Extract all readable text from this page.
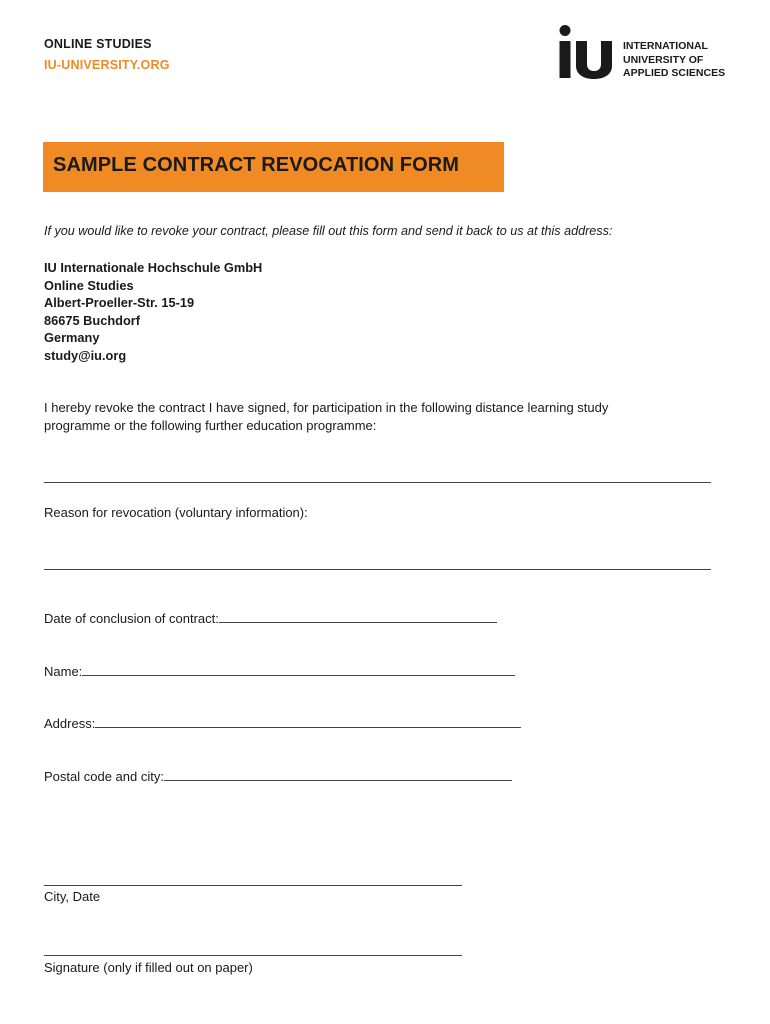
ONLINE STUDIES
IU-UNIVERSITY.ORG
INTERNATIONAL
UNIVERSITY OF
APPLIED SCIENCES
SAMPLE CONTRACT REVOCATION FORM
If you would like to revoke your contract, please fill out this form and send it back to us at this address:
IU Internationale Hochschule GmbH
Online Studies
Albert-Proeller-Str. 15-19
86675 Buchdorf
Germany
study@iu.org
I hereby revoke the contract I have signed, for participation in the following distance learning study
programme or the following further education programme:
Reason for revocation (voluntary information):
Date of conclusion of contract:
Name:
Address:
Postal code and city:
City, Date
Signature (only if filled out on paper)
